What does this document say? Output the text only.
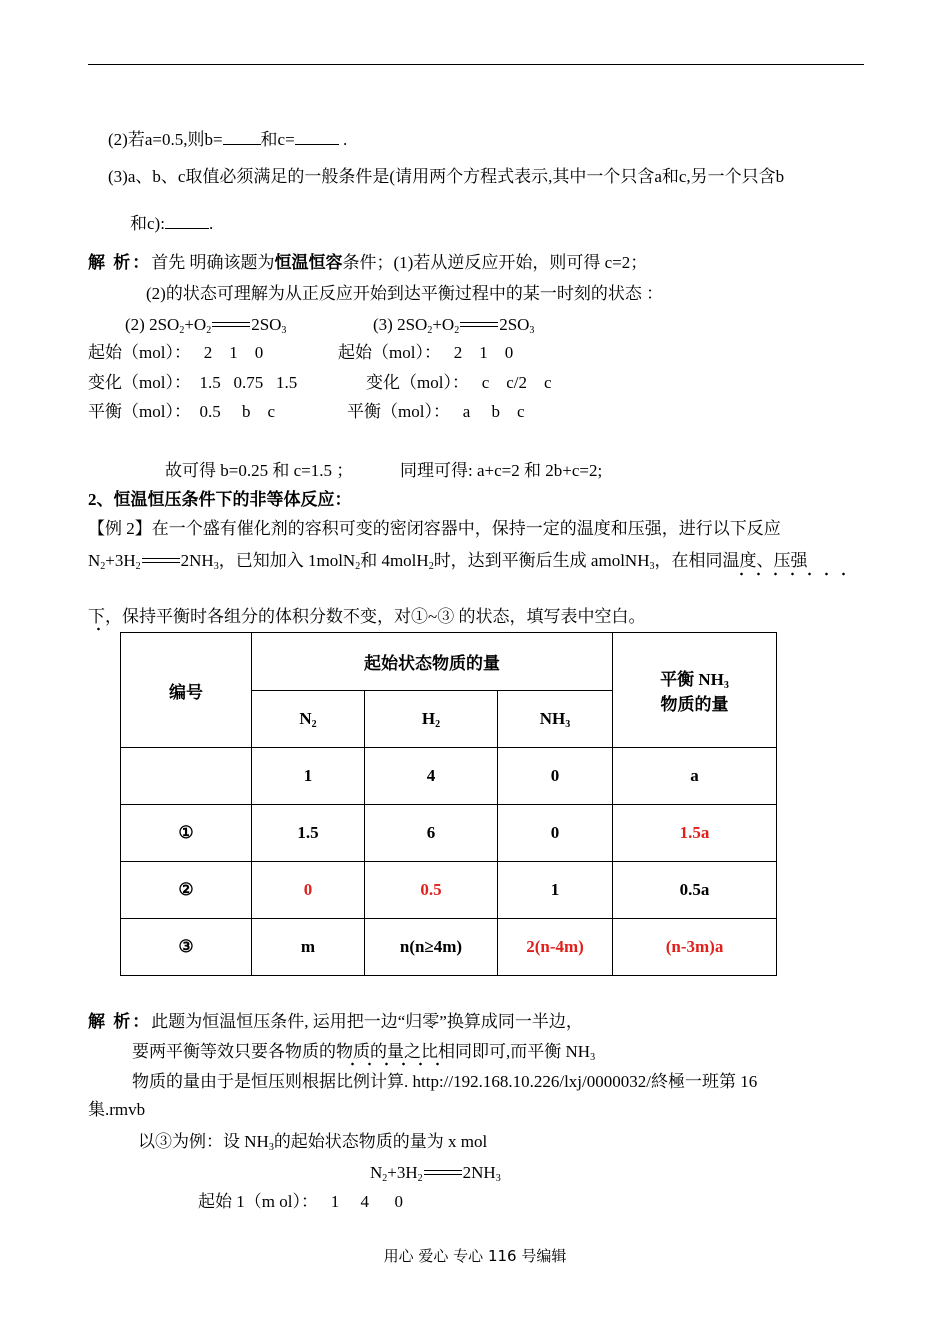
(2)若a=0.5,则b= 和c=	.
(3)a、b、c取值必须满足的一般条件是(请用两个方程式表示,其中一个只含a和c,另一个只含b
和c):	.
解 析：首先 明确该题为恒温恒容条件；(1)若从逆反应开始，则可得 c=2；
(2)的状态可理解为从正反应开始到达平衡过程中的某一时刻的状态 ：
(2) $2SO_2+O_2$ $2SO_3$	(3) $2SO_2+O_2$ $2SO_3$
起始（mol）：   2    1    0	起始（mol）：   2    1    0
变化（mol）：  1.5   0.75   1.5	变化（mol）：   c    c/2    c
平衡（mol）：  0.5     b    c	平衡（mol）：   a     b    c
故可得 b=0.25 和 c=1.5 ；	同理可得: a+c=2 和 2b+c=2;
2、恒温恒压条件下的非等体反应：
【例 2】在一个盛有催化剂的容积可变的密闭容器中，保持一定的温度和压强，进行以下反应
$N_2+3H_2$ $2NH_3$，已知加入 1molN$_2$和 4molH$_2$时，达到平衡后生成 amolNH$_3$，在相同温度、压强
下，保持平衡时各组分的体积分数不变，对①~③ 的状态，填写表中空白。
编号	起始状态物质的量			平衡 $NH_3$
物质的量
	$N_2$	$H_2$	$NH_3$
	1	4	0	a
①	1.5	6	0	1.5a
②	0	0.5	1	0.5a
③	m	n(n≥4m)	2(n-4m)	(n-3m)a
解 析：此题为恒温恒压条件, 运用把一边“归零”换算成同一半边，
要两平衡等效只要各物质的物质的量之比相同即可,而平衡 $NH_3$
物质的量由于是恒压则根据比例计算. http://192.168.10.226/lxj/0000032/終極一班第 16
集.rmvb
以③为例：设 $NH_3$的起始状态物质的量为 x mol
$N_2+3H_2$ $2NH_3$
起始 1（m ol）：   1     4      0
用心 爱心 专心 116 号编辑
